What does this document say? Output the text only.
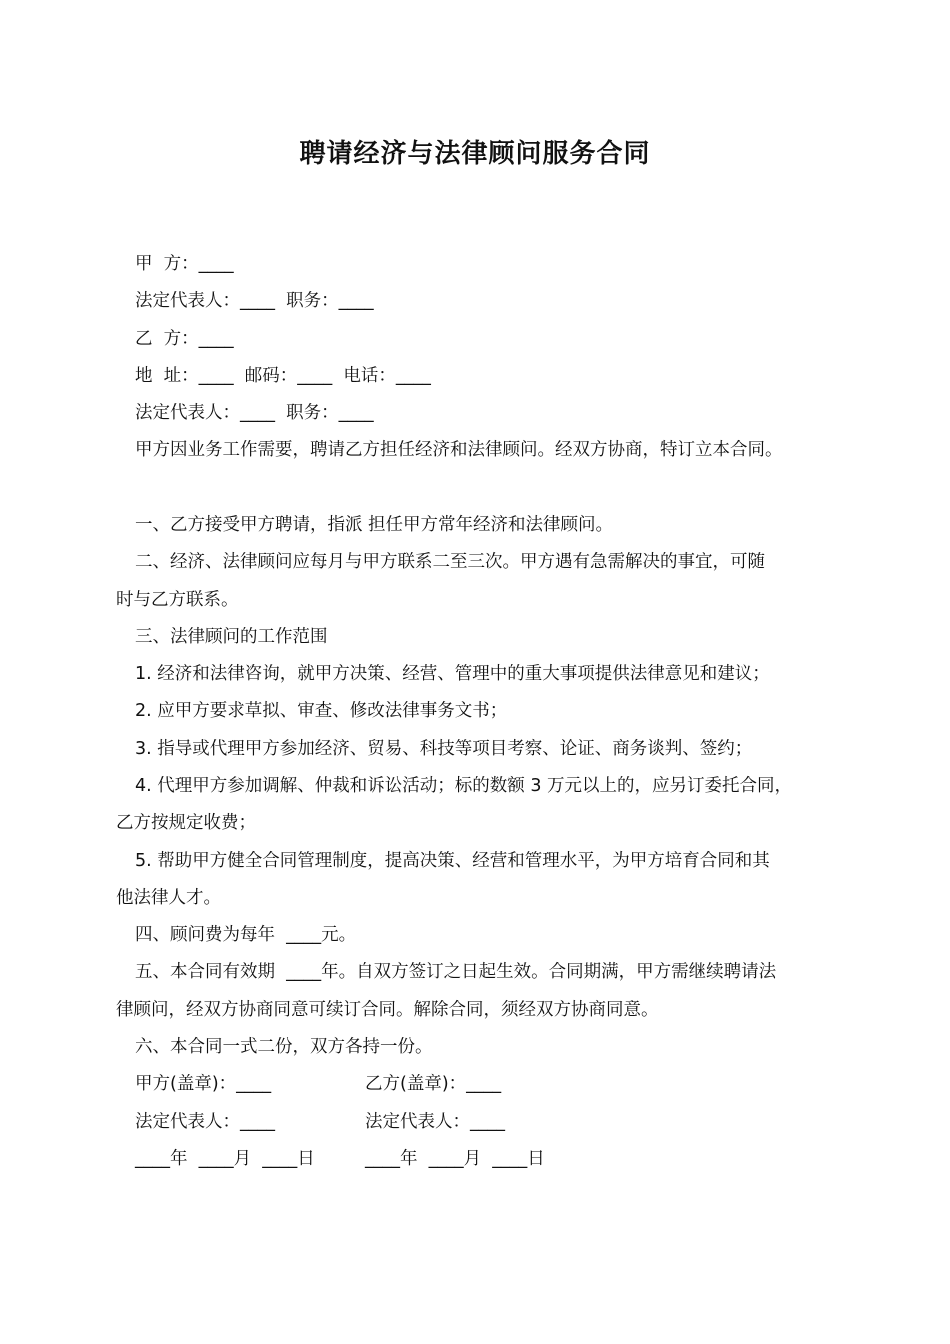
聘请经济与法律顾问服务合同
甲  方：____
法定代表人：____  职务：____
乙  方：____
地  址：____  邮码：____  电话：____
法定代表人：____  职务：____
甲方因业务工作需要，聘请乙方担任经济和法律顾问。经双方协商，特订立本合同。
一、乙方接受甲方聘请，指派 担任甲方常年经济和法律顾问。
二、经济、法律顾问应每月与甲方联系二至三次。甲方遇有急需解决的事宜，可随
时与乙方联系。
三、法律顾问的工作范围
1. 经济和法律咨询，就甲方决策、经营、管理中的重大事项提供法律意见和建议；
2. 应甲方要求草拟、审查、修改法律事务文书；
3. 指导或代理甲方参加经济、贸易、科技等项目考察、论证、商务谈判、签约；
4. 代理甲方参加调解、仲裁和诉讼活动；标的数额 3 万元以上的，应另订委托合同，
乙方按规定收费；
5. 帮助甲方健全合同管理制度，提高决策、经营和管理水平，为甲方培育合同和其
他法律人才。
四、顾问费为每年  ____元。
五、本合同有效期  ____年。自双方签订之日起生效。合同期满，甲方需继续聘请法
律顾问，经双方协商同意可续订合同。解除合同，须经双方协商同意。
六、本合同一式二份，双方各持一份。
甲方(盖章)：____	乙方(盖章)：____
法定代表人：____	法定代表人：____
____年  ____月  ____日	____年  ____月  ____日
